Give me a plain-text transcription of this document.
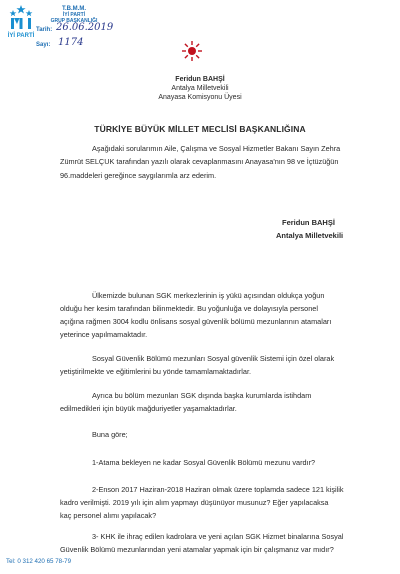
İYİ PARTİ
T.B.M.M.
İYİ PARTİ
GRUP BAŞKANLIĞI
Tarih: 26.06.2019
Sayı: 1174
Feridun BAHŞİ
Antalya Milletvekili
Anayasa Komisyonu Üyesi
TÜRKİYE BÜYÜK MİLLET MECLİSİ BAŞKANLIĞINA
Aşağıdaki sorularımın Aile, Çalışma ve Sosyal Hizmetler Bakanı Sayın Zehra
Zümrüt SELÇUK tarafından yazılı olarak cevaplanmasını Anayasa'nın 98 ve İçtüzüğün
96.maddeleri gereğince saygılarımla arz ederim.
Feridun BAHŞİ
Antalya Milletvekili
Ülkemizde bulunan SGK merkezlerinin iş yükü açısından oldukça yoğun
olduğu her kesim tarafından bilinmektedir. Bu yoğunluğa ve dolayısıyla personel
açığına rağmen 3004 kodlu önlisans sosyal güvenlik bölümü mezunlarının atamaları
yeterince yapılmamaktadır.
Sosyal Güvenlik Bölümü mezunları Sosyal güvenlik Sistemi için özel olarak
yetiştirilmekte ve eğitimlerini bu yönde tamamlamaktadırlar.
Ayrıca bu bölüm mezunları SGK dışında başka kurumlarda istihdam
edilmedikleri için büyük mağduriyetler yaşamaktadırlar.
Buna göre;
1-Atama bekleyen ne kadar Sosyal Güvenlik Bölümü mezunu vardır?
2-Enson 2017 Haziran-2018 Haziran olmak üzere toplamda sadece 121 kişilik
kadro verilmişti. 2019 yılı için alım yapmayı düşünüyor musunuz? Eğer yapılacaksa
kaç personel alımı yapılacak?
3- KHK ile ihraç edilen kadrolara ve yeni açılan SGK Hizmet binalarına Sosyal
Güvenlik Bölümü mezunlarından yeni atamalar yapmak için bir çalışmanız var mıdır?
Tel: 0 312 420 65 78-79
